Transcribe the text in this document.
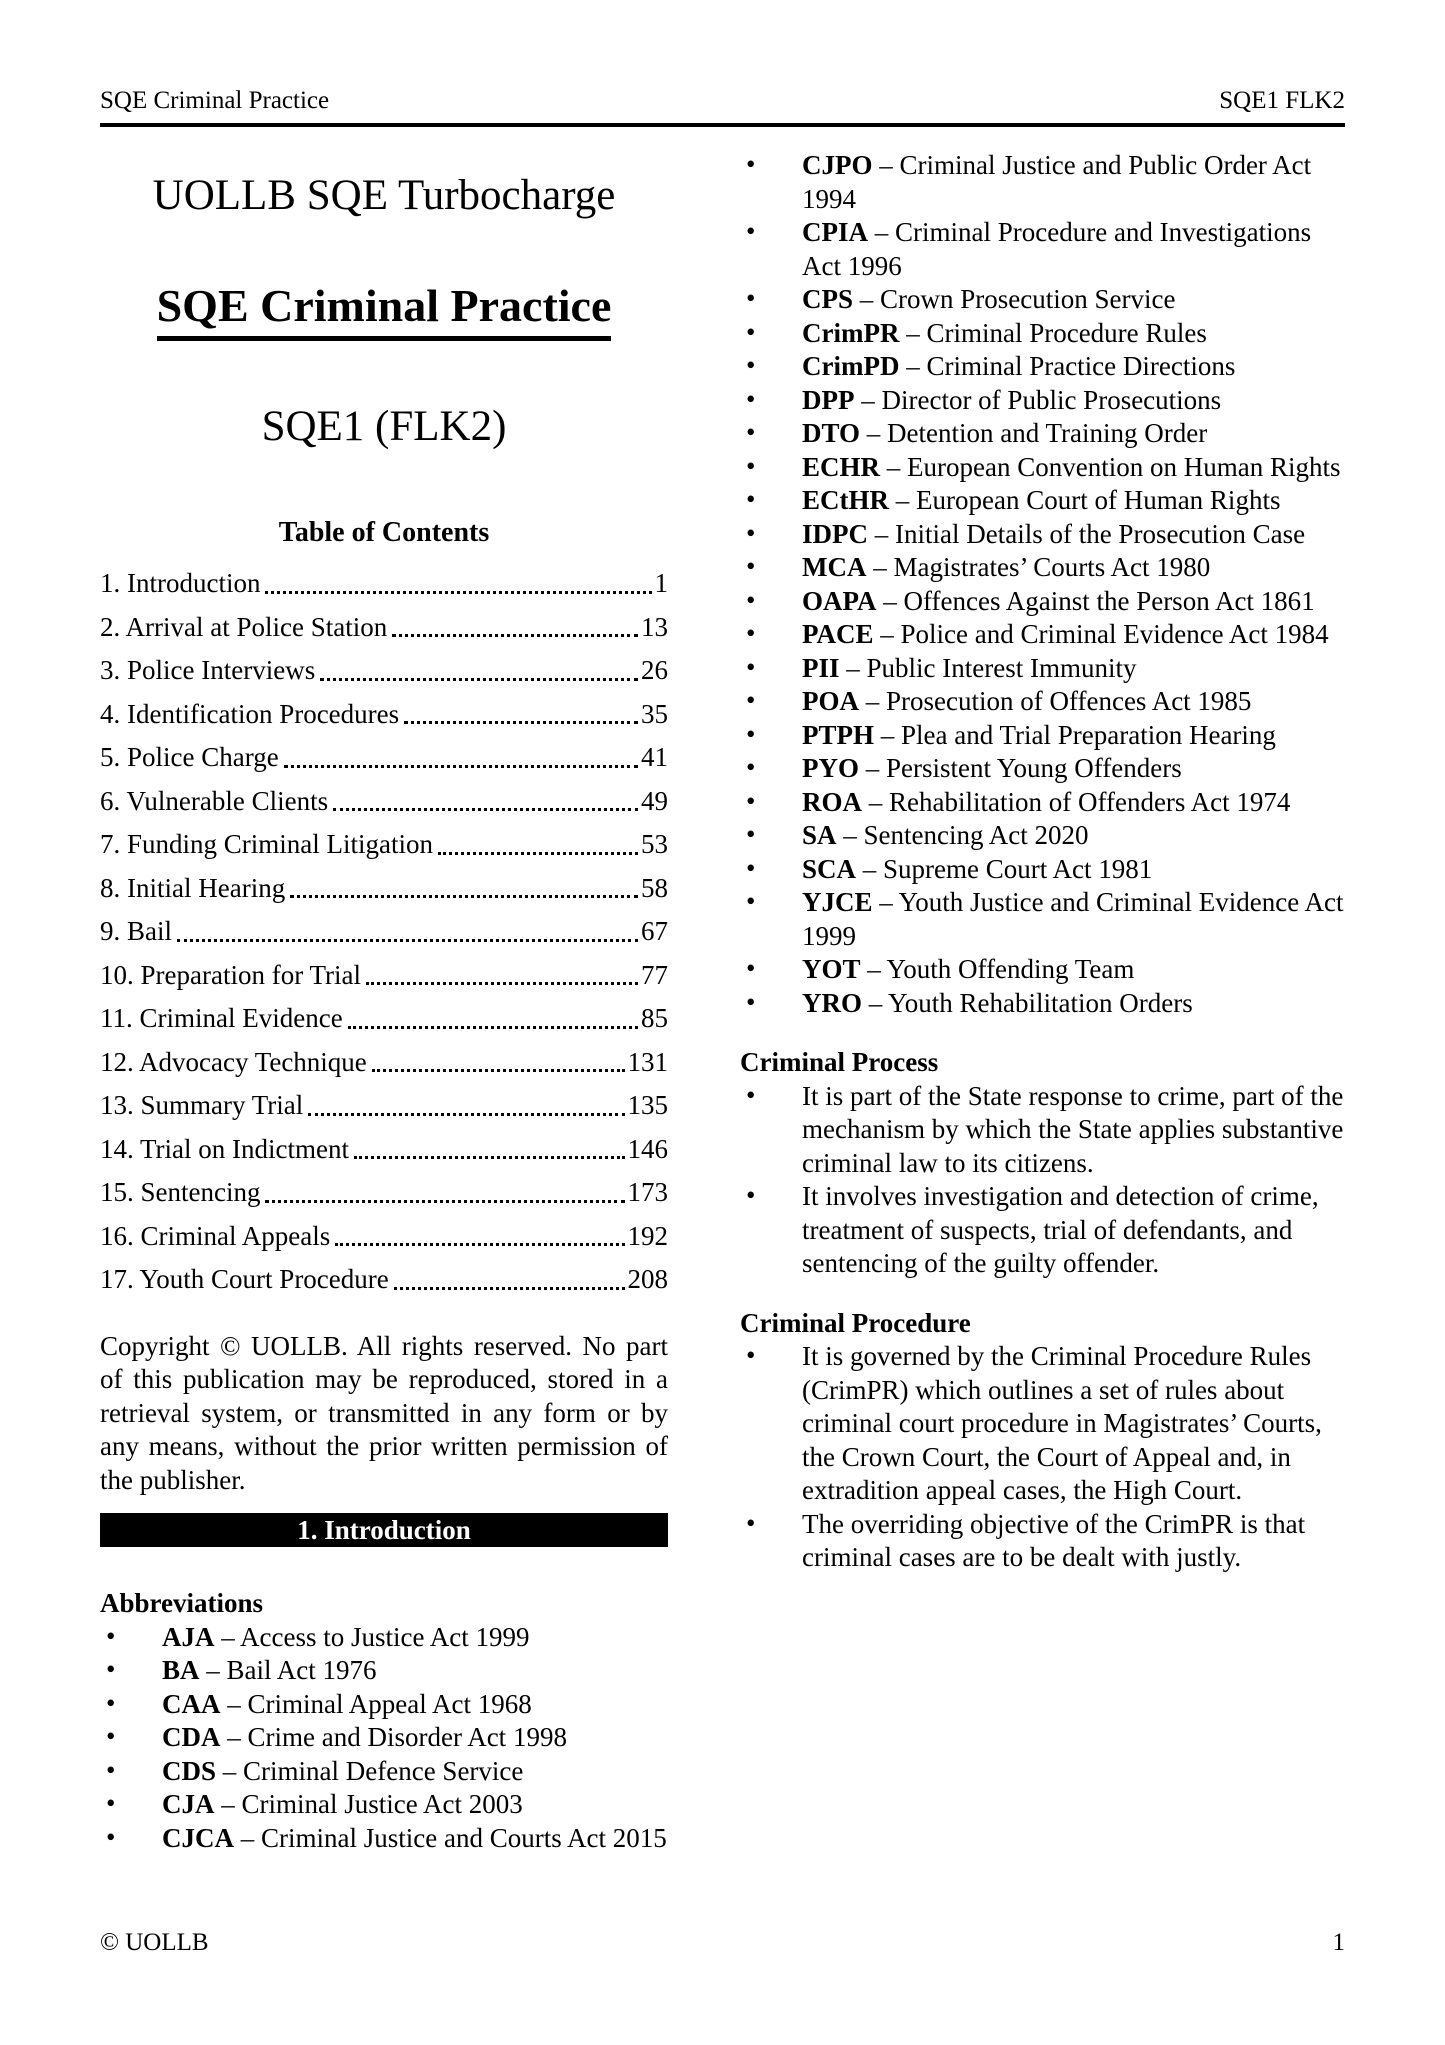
SQE Criminal Practice	SQE1 FLK2
UOLLB SQE Turbocharge
SQE Criminal Practice
SQE1 (FLK2)
Table of Contents
1. Introduction	1
2. Arrival at Police Station	13
3. Police Interviews	26
4. Identification Procedures	35
5. Police Charge	41
6. Vulnerable Clients	49
7. Funding Criminal Litigation	53
8. Initial Hearing	58
9. Bail	67
10. Preparation for Trial	77
11. Criminal Evidence	85
12. Advocacy Technique	131
13. Summary Trial	135
14. Trial on Indictment	146
15. Sentencing	173
16. Criminal Appeals	192
17. Youth Court Procedure	208

Copyright © UOLLB. All rights reserved. No part of this publication may be reproduced, stored in a retrieval system, or transmitted in any form or by any means, without the prior written permission of the publisher.

1. Introduction
Abbreviations
• AJA – Access to Justice Act 1999
• BA – Bail Act 1976
• CAA – Criminal Appeal Act 1968
• CDA – Crime and Disorder Act 1998
• CDS – Criminal Defence Service
• CJA – Criminal Justice Act 2003
• CJCA – Criminal Justice and Courts Act 2015
• CJPO – Criminal Justice and Public Order Act 1994
• CPIA – Criminal Procedure and Investigations Act 1996
• CPS – Crown Prosecution Service
• CrimPR – Criminal Procedure Rules
• CrimPD – Criminal Practice Directions
• DPP – Director of Public Prosecutions
• DTO – Detention and Training Order
• ECHR – European Convention on Human Rights
• ECtHR – European Court of Human Rights
• IDPC – Initial Details of the Prosecution Case
• MCA – Magistrates’ Courts Act 1980
• OAPA – Offences Against the Person Act 1861
• PACE – Police and Criminal Evidence Act 1984
• PII – Public Interest Immunity
• POA – Prosecution of Offences Act 1985
• PTPH – Plea and Trial Preparation Hearing
• PYO – Persistent Young Offenders
• ROA – Rehabilitation of Offenders Act 1974
• SA – Sentencing Act 2020
• SCA – Supreme Court Act 1981
• YJCE – Youth Justice and Criminal Evidence Act 1999
• YOT – Youth Offending Team
• YRO – Youth Rehabilitation Orders
Criminal Process
• It is part of the State response to crime, part of the mechanism by which the State applies substantive criminal law to its citizens.
• It involves investigation and detection of crime, treatment of suspects, trial of defendants, and sentencing of the guilty offender.
Criminal Procedure
• It is governed by the Criminal Procedure Rules (CrimPR) which outlines a set of rules about criminal court procedure in Magistrates’ Courts, the Crown Court, the Court of Appeal and, in extradition appeal cases, the High Court.
• The overriding objective of the CrimPR is that criminal cases are to be dealt with justly.
© UOLLB	1
